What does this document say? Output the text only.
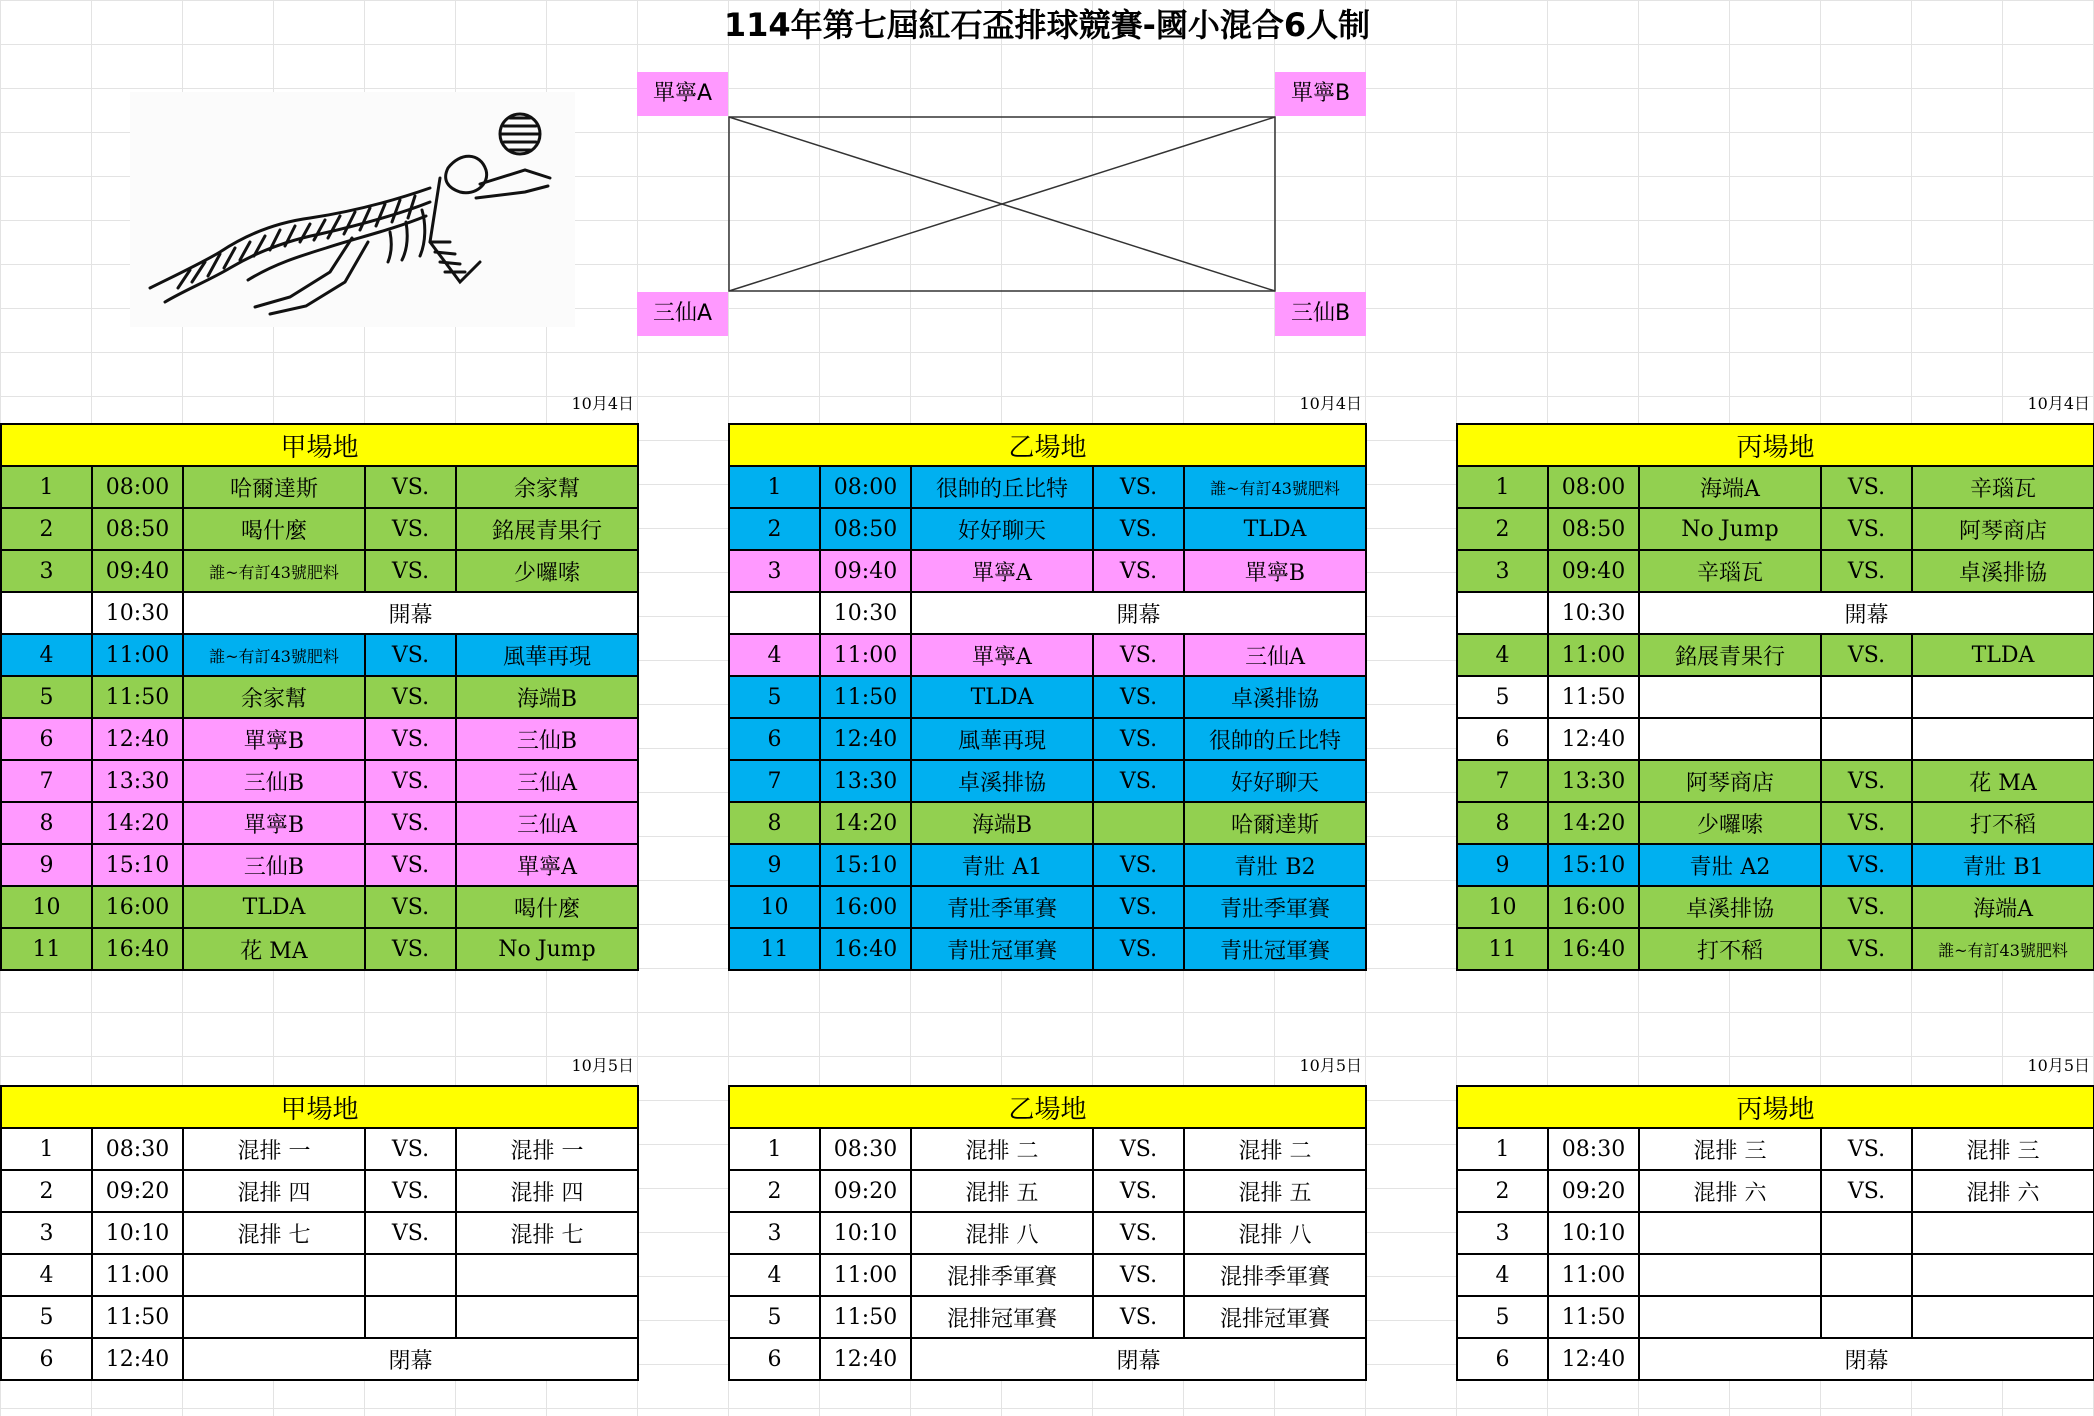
114年第七屆紅石盃排球競賽-國小混合6人制
單寧A	單寧B
三仙A	三仙B
10月4日	10月4日	10月4日
10月5日	10月5日	10月5日
甲場地				
1	08:00	哈爾達斯	VS.	余家幫
2	08:50	喝什麼	VS.	銘展青果行
3	09:40	誰~有訂43號肥料	VS.	少囉嗦
	10:30	開幕		
4	11:00	誰~有訂43號肥料	VS.	風華再現
5	11:50	余家幫	VS.	海端B
6	12:40	單寧B	VS.	三仙B
7	13:30	三仙B	VS.	三仙A
8	14:20	單寧B	VS.	三仙A
9	15:10	三仙B	VS.	單寧A
10	16:00	TLDA	VS.	喝什麼
11	16:40	花 MA	VS.	No Jump
乙場地				
1	08:00	很帥的丘比特	VS.	誰~有訂43號肥料
2	08:50	好好聊天	VS.	TLDA
3	09:40	單寧A	VS.	單寧B
	10:30	開幕		
4	11:00	單寧A	VS.	三仙A
5	11:50	TLDA	VS.	卓溪排協
6	12:40	風華再現	VS.	很帥的丘比特
7	13:30	卓溪排協	VS.	好好聊天
8	14:20	海端B		哈爾達斯
9	15:10	青壯 A1	VS.	青壯 B2
10	16:00	青壯季軍賽	VS.	青壯季軍賽
11	16:40	青壯冠軍賽	VS.	青壯冠軍賽
丙場地				
1	08:00	海端A	VS.	辛瑙瓦
2	08:50	No Jump	VS.	阿琴商店
3	09:40	辛瑙瓦	VS.	卓溪排協
	10:30	開幕		
4	11:00	銘展青果行	VS.	TLDA
5	11:50			
6	12:40			
7	13:30	阿琴商店	VS.	花 MA
8	14:20	少囉嗦	VS.	打不稻
9	15:10	青壯 A2	VS.	青壯 B1
10	16:00	卓溪排協	VS.	海端A
11	16:40	打不稻	VS.	誰~有訂43號肥料
甲場地				
1	08:30	混排 一	VS.	混排 一
2	09:20	混排 四	VS.	混排 四
3	10:10	混排 七	VS.	混排 七
4	11:00			
5	11:50			
6	12:40	閉幕		
乙場地				
1	08:30	混排 二	VS.	混排 二
2	09:20	混排 五	VS.	混排 五
3	10:10	混排 八	VS.	混排 八
4	11:00	混排季軍賽	VS.	混排季軍賽
5	11:50	混排冠軍賽	VS.	混排冠軍賽
6	12:40	閉幕		
丙場地				
1	08:30	混排 三	VS.	混排 三
2	09:20	混排 六	VS.	混排 六
3	10:10			
4	11:00			
5	11:50			
6	12:40	閉幕		
